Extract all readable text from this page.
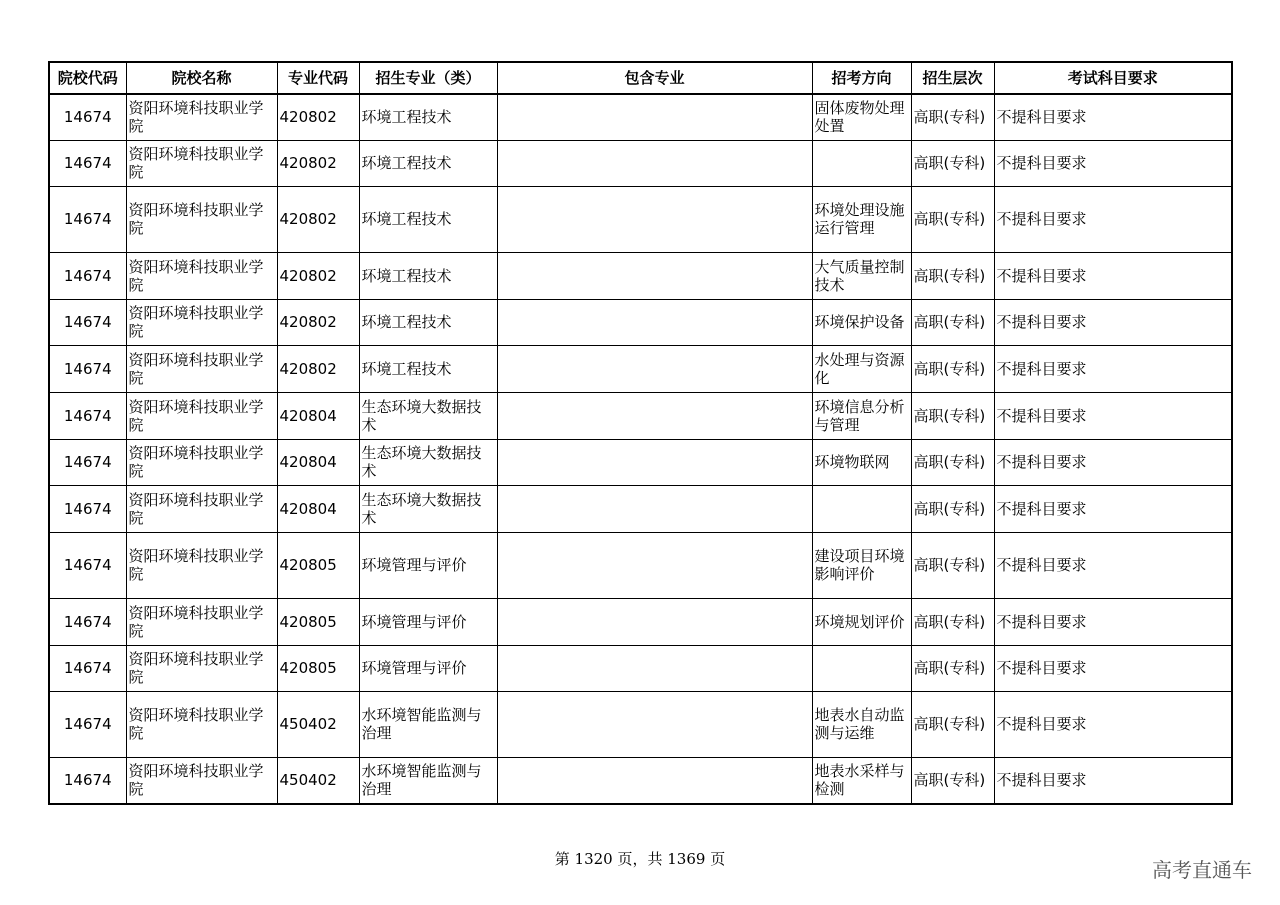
院校代码	院校名称	专业代码	招生专业（类）	包含专业	招考方向	招生层次	考试科目要求
14674	资阳环境科技职业学院	420802	环境工程技术		固体废物处理处置	高职(专科)	不提科目要求
14674	资阳环境科技职业学院	420802	环境工程技术			高职(专科)	不提科目要求
14674	资阳环境科技职业学院	420802	环境工程技术		环境处理设施运行管理	高职(专科)	不提科目要求
14674	资阳环境科技职业学院	420802	环境工程技术		大气质量控制技术	高职(专科)	不提科目要求
14674	资阳环境科技职业学院	420802	环境工程技术		环境保护设备	高职(专科)	不提科目要求
14674	资阳环境科技职业学院	420802	环境工程技术		水处理与资源化	高职(专科)	不提科目要求
14674	资阳环境科技职业学院	420804	生态环境大数据技术		环境信息分析与管理	高职(专科)	不提科目要求
14674	资阳环境科技职业学院	420804	生态环境大数据技术		环境物联网	高职(专科)	不提科目要求
14674	资阳环境科技职业学院	420804	生态环境大数据技术			高职(专科)	不提科目要求
14674	资阳环境科技职业学院	420805	环境管理与评价		建设项目环境影响评价	高职(专科)	不提科目要求
14674	资阳环境科技职业学院	420805	环境管理与评价		环境规划评价	高职(专科)	不提科目要求
14674	资阳环境科技职业学院	420805	环境管理与评价			高职(专科)	不提科目要求
14674	资阳环境科技职业学院	450402	水环境智能监测与治理		地表水自动监测与运维	高职(专科)	不提科目要求
14674	资阳环境科技职业学院	450402	水环境智能监测与治理		地表水采样与检测	高职(专科)	不提科目要求
第 1320 页，共 1369 页	高考直通车
